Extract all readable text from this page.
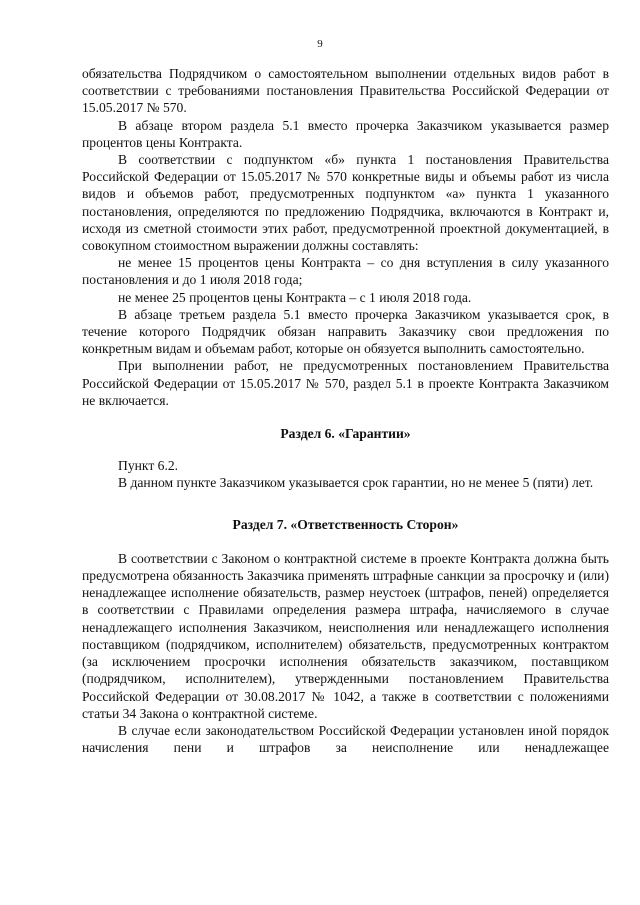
9

обязательства Подрядчиком о самостоятельном выполнении отдельных видов работ в соответствии с требованиями постановления Правительства Российской Федерации от 15.05.2017 № 570.

В абзаце втором раздела 5.1 вместо прочерка Заказчиком указывается размер процентов цены Контракта.

В соответствии с подпунктом «б» пункта 1 постановления Правительства Российской Федерации от 15.05.2017 № 570 конкретные виды и объемы работ из числа видов и объемов работ, предусмотренных подпунктом «а» пункта 1 указанного постановления, определяются по предложению Подрядчика, включаются в Контракт и, исходя из сметной стоимости этих работ, предусмотренной проектной документацией, в совокупном стоимостном выражении должны составлять:

не менее 15 процентов цены Контракта – со дня вступления в силу указанного постановления и до 1 июля 2018 года;

не менее 25 процентов цены Контракта – с 1 июля 2018 года.

В абзаце третьем раздела 5.1 вместо прочерка Заказчиком указывается срок, в течение которого Подрядчик обязан направить Заказчику свои предложения по конкретным видам и объемам работ, которые он обязуется выполнить самостоятельно.

При выполнении работ, не предусмотренных постановлением Правительства Российской Федерации от 15.05.2017 № 570, раздел 5.1 в проекте Контракта Заказчиком не включается.

Раздел 6. «Гарантии»

Пункт 6.2.

В данном пункте Заказчиком указывается срок гарантии, но не менее 5 (пяти) лет.

Раздел 7. «Ответственность Сторон»

В соответствии с Законом о контрактной системе в проекте Контракта должна быть предусмотрена обязанность Заказчика применять штрафные санкции за просрочку и (или) ненадлежащее исполнение обязательств, размер неустоек (штрафов, пеней) определяется в соответствии с Правилами определения размера штрафа, начисляемого в случае ненадлежащего исполнения Заказчиком, неисполнения или ненадлежащего исполнения поставщиком (подрядчиком, исполнителем) обязательств, предусмотренных контрактом (за исключением просрочки исполнения обязательств заказчиком, поставщиком (подрядчиком, исполнителем), утвержденными постановлением Правительства Российской Федерации от 30.08.2017 № 1042, а также в соответствии с положениями статьи 34 Закона о контрактной системе.

В случае если законодательством Российской Федерации установлен иной порядок начисления пени и штрафов за неисполнение или ненадлежащее
